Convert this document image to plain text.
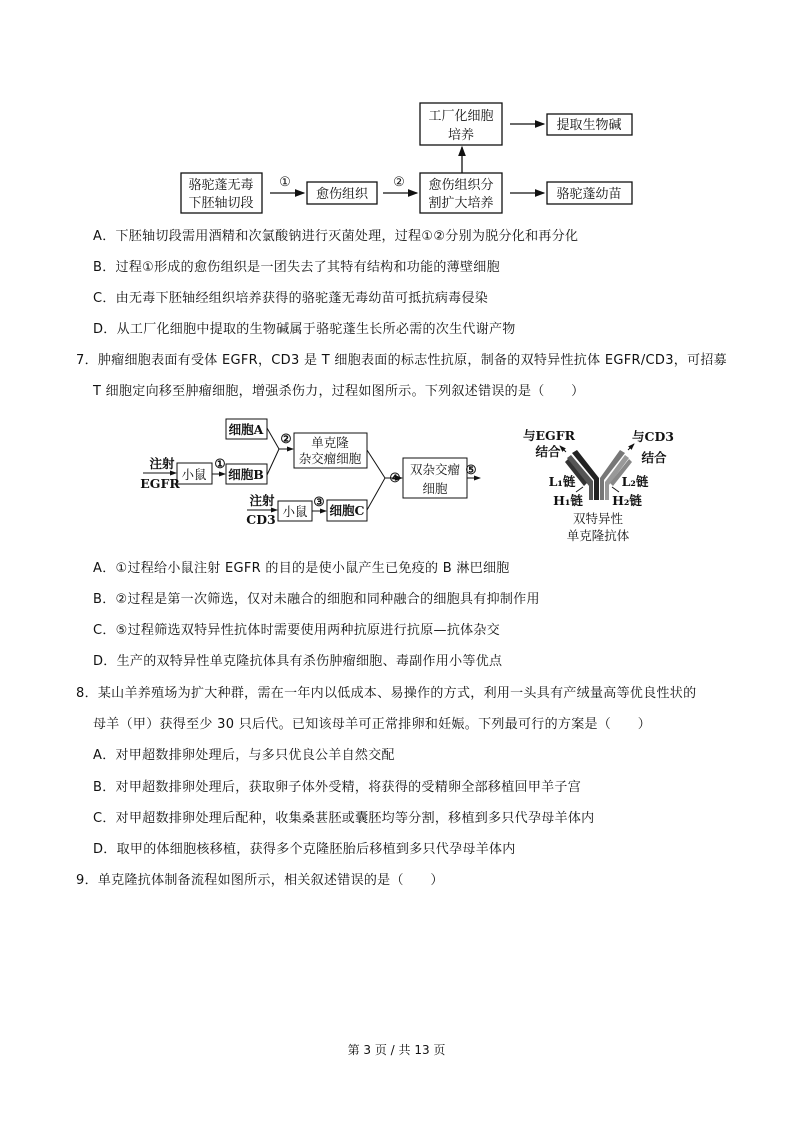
骆驼蓬无毒
下胚轴切段
①
愈伤组织
② 愈伤组织分
割扩大培养
工厂化细胞
培养
提取生物碱
骆驼蓬幼苗
A．下胚轴切段需用酒精和次氯酸钠进行灭菌处理，过程①②分别为脱分化和再分化
B．过程①形成的愈伤组织是一团失去了其特有结构和功能的薄壁细胞
C．由无毒下胚轴经组织培养获得的骆驼蓬无毒幼苗可抵抗病毒侵染
D．从工厂化细胞中提取的生物碱属于骆驼蓬生长所必需的次生代谢产物
7．肿瘤细胞表面有受体 EGFR，CD3 是 T 细胞表面的标志性抗原，制备的双特异性抗体 EGFR/CD3，可招募
T 细胞定向移至肿瘤细胞，增强杀伤力，过程如图所示。下列叙述错误的是（　　）
注射
EGFR
小鼠
①
细胞A
细胞B
② 单克隆
杂交瘤细胞
④
双杂交瘤
细胞
⑤
注射
CD3
小鼠
③
细胞C
与EGFR
结合
与CD3
结合
L₁链	L₂链
H₁链 H₂链
双特异性
单克隆抗体
A．①过程给小鼠注射 EGFR 的目的是使小鼠产生已免疫的 B 淋巴细胞
B．②过程是第一次筛选，仅对未融合的细胞和同种融合的细胞具有抑制作用
C．⑤过程筛选双特异性抗体时需要使用两种抗原进行抗原—抗体杂交
D．生产的双特异性单克隆抗体具有杀伤肿瘤细胞、毒副作用小等优点
8．某山羊养殖场为扩大种群，需在一年内以低成本、易操作的方式，利用一头具有产绒量高等优良性状的
母羊（甲）获得至少 30 只后代。已知该母羊可正常排卵和妊娠。下列最可行的方案是（　　）
A．对甲超数排卵处理后，与多只优良公羊自然交配
B．对甲超数排卵处理后，获取卵子体外受精，将获得的受精卵全部移植回甲羊子宫
C．对甲超数排卵处理后配种，收集桑葚胚或囊胚均等分割，移植到多只代孕母羊体内
D．取甲的体细胞核移植，获得多个克隆胚胎后移植到多只代孕母羊体内
9．单克隆抗体制备流程如图所示，相关叙述错误的是（　　）
第 3 页 / 共 13 页
